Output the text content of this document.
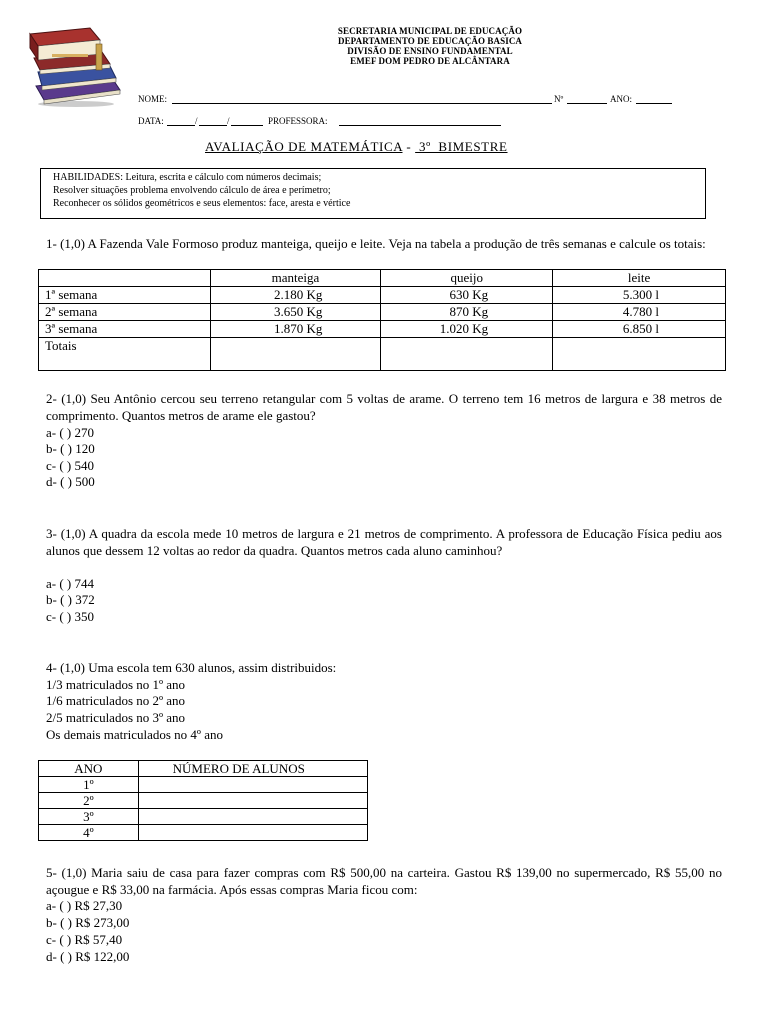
SECRETARIA MUNICIPAL DE EDUCAÇÃO
DEPARTAMENTO DE EDUCAÇÃO BASICA
DIVISÃO DE ENSINO FUNDAMENTAL
EMEF DOM PEDRO DE ALCÂNTARA
NOME:	Nº	ANO:
DATA:	/	/	PROFESSORA:
AVALIAÇÃO DE MATEMÁTICA -  3º  BIMESTRE
HABILIDADES: Leitura, escrita e cálculo com números decimais;
Resolver situações problema envolvendo cálculo de área e perímetro;
Reconhecer os sólidos geométricos e seus elementos: face, aresta e vértice
1- (1,0) A Fazenda Vale Formoso produz manteiga, queijo e leite. Veja na tabela a produção de três semanas e calcule os totais:
	manteiga	queijo	leite
1ª semana	2.180 Kg	630 Kg	5.300 l
2ª semana	3.650 Kg	870 Kg	4.780 l
3ª semana	1.870 Kg	1.020 Kg	6.850 l
Totais			
2- (1,0) Seu Antônio cercou seu terreno retangular com 5 voltas de arame. O terreno tem 16 metros de largura e 38 metros de comprimento. Quantos metros de arame ele gastou?
a- ( ) 270
b- ( ) 120
c- ( ) 540
d- ( ) 500
3- (1,0) A quadra da escola mede 10 metros de largura e 21 metros de comprimento. A professora de Educação Física pediu aos alunos que dessem 12 voltas ao redor da quadra. Quantos metros cada aluno caminhou?
a- ( ) 744
b- ( ) 372
c- ( ) 350
4- (1,0) Uma escola tem 630 alunos, assim distribuidos:
1/3 matriculados no 1º ano
1/6 matriculados no 2º ano
2/5 matriculados no 3º ano
Os demais matriculados no 4º ano
ANO	NÚMERO DE ALUNOS
1º	
2º	
3º	
4º	
5- (1,0) Maria saiu de casa para fazer compras com R$ 500,00 na carteira. Gastou R$ 139,00 no supermercado, R$ 55,00 no açougue e R$ 33,00 na farmácia. Após essas compras Maria ficou com:
a- ( ) R$ 27,30
b- ( ) R$ 273,00
c- ( ) R$ 57,40
d- ( ) R$ 122,00
